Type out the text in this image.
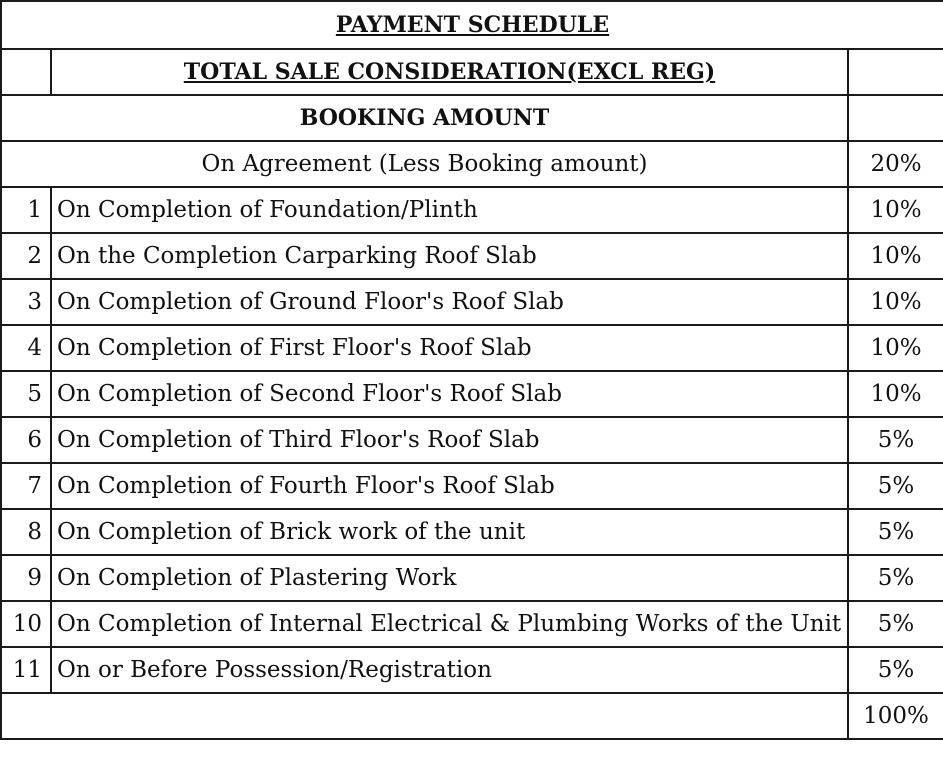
PAYMENT SCHEDULE		
	TOTAL SALE CONSIDERATION(EXCL REG)	
BOOKING AMOUNT		
On Agreement (Less Booking amount)		20%
1	On Completion of Foundation/Plinth	10%
2	On the Completion Carparking Roof Slab	10%
3	On Completion of Ground Floor's Roof Slab	10%
4	On Completion of First Floor's Roof Slab	10%
5	On Completion of Second Floor's Roof Slab	10%
6	On Completion of Third Floor's Roof Slab	5%
7	On Completion of Fourth Floor's Roof Slab	5%
8	On Completion of Brick work of the unit	5%
9	On Completion of Plastering Work	5%
10	On Completion of Internal Electrical & Plumbing Works of the Unit	5%
11	On or Before Possession/Registration	5%
		100%
